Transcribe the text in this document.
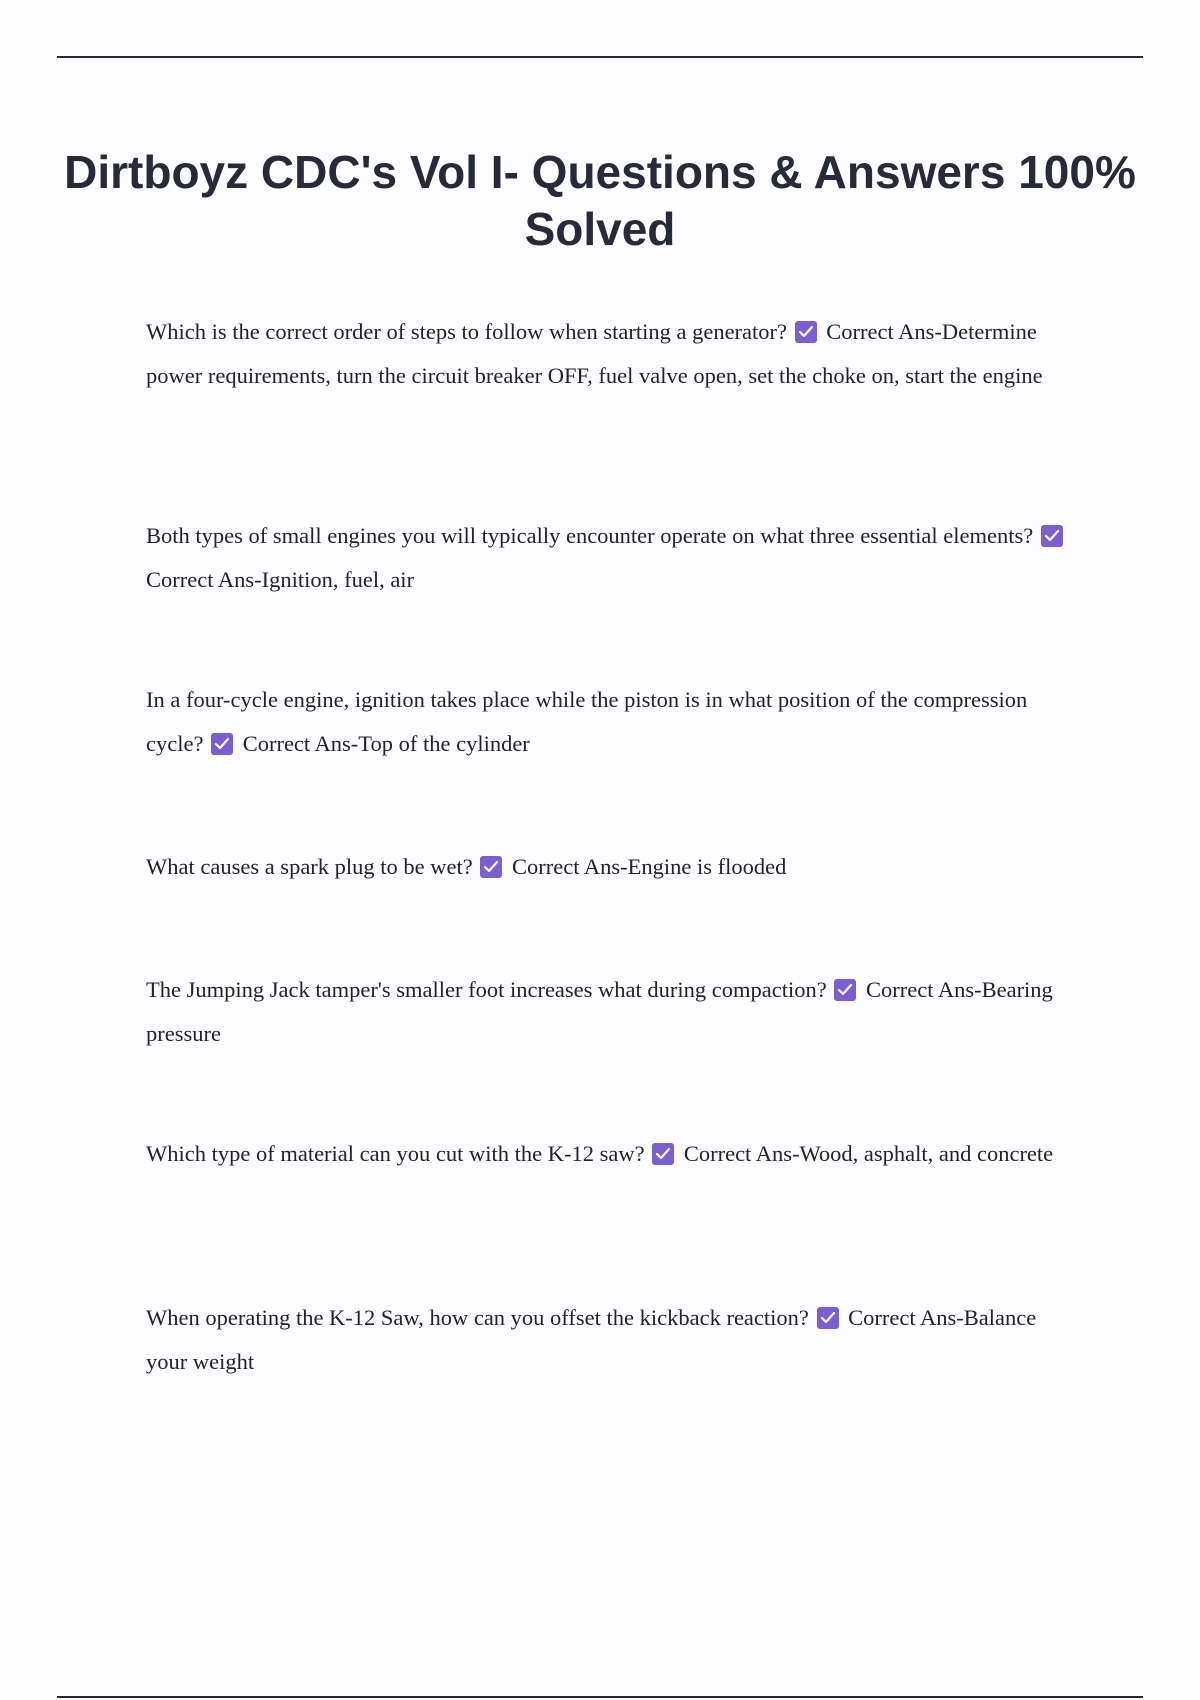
Dirtboyz CDC's Vol I- Questions & Answers 100% Solved

Which is the correct order of steps to follow when starting a generator? Correct Ans-Determine power requirements, turn the circuit breaker OFF, fuel valve open, set the choke on, start the engine

Both types of small engines you will typically encounter operate on what three essential elements?
Correct Ans-Ignition, fuel, air

In a four-cycle engine, ignition takes place while the piston is in what position of the compression cycle? Correct Ans-Top of the cylinder

What causes a spark plug to be wet? Correct Ans-Engine is flooded

The Jumping Jack tamper's smaller foot increases what during compaction? Correct Ans-Bearing pressure

Which type of material can you cut with the K-12 saw? Correct Ans-Wood, asphalt, and concrete

When operating the K-12 Saw, how can you offset the kickback reaction? Correct Ans-Balance your weight
